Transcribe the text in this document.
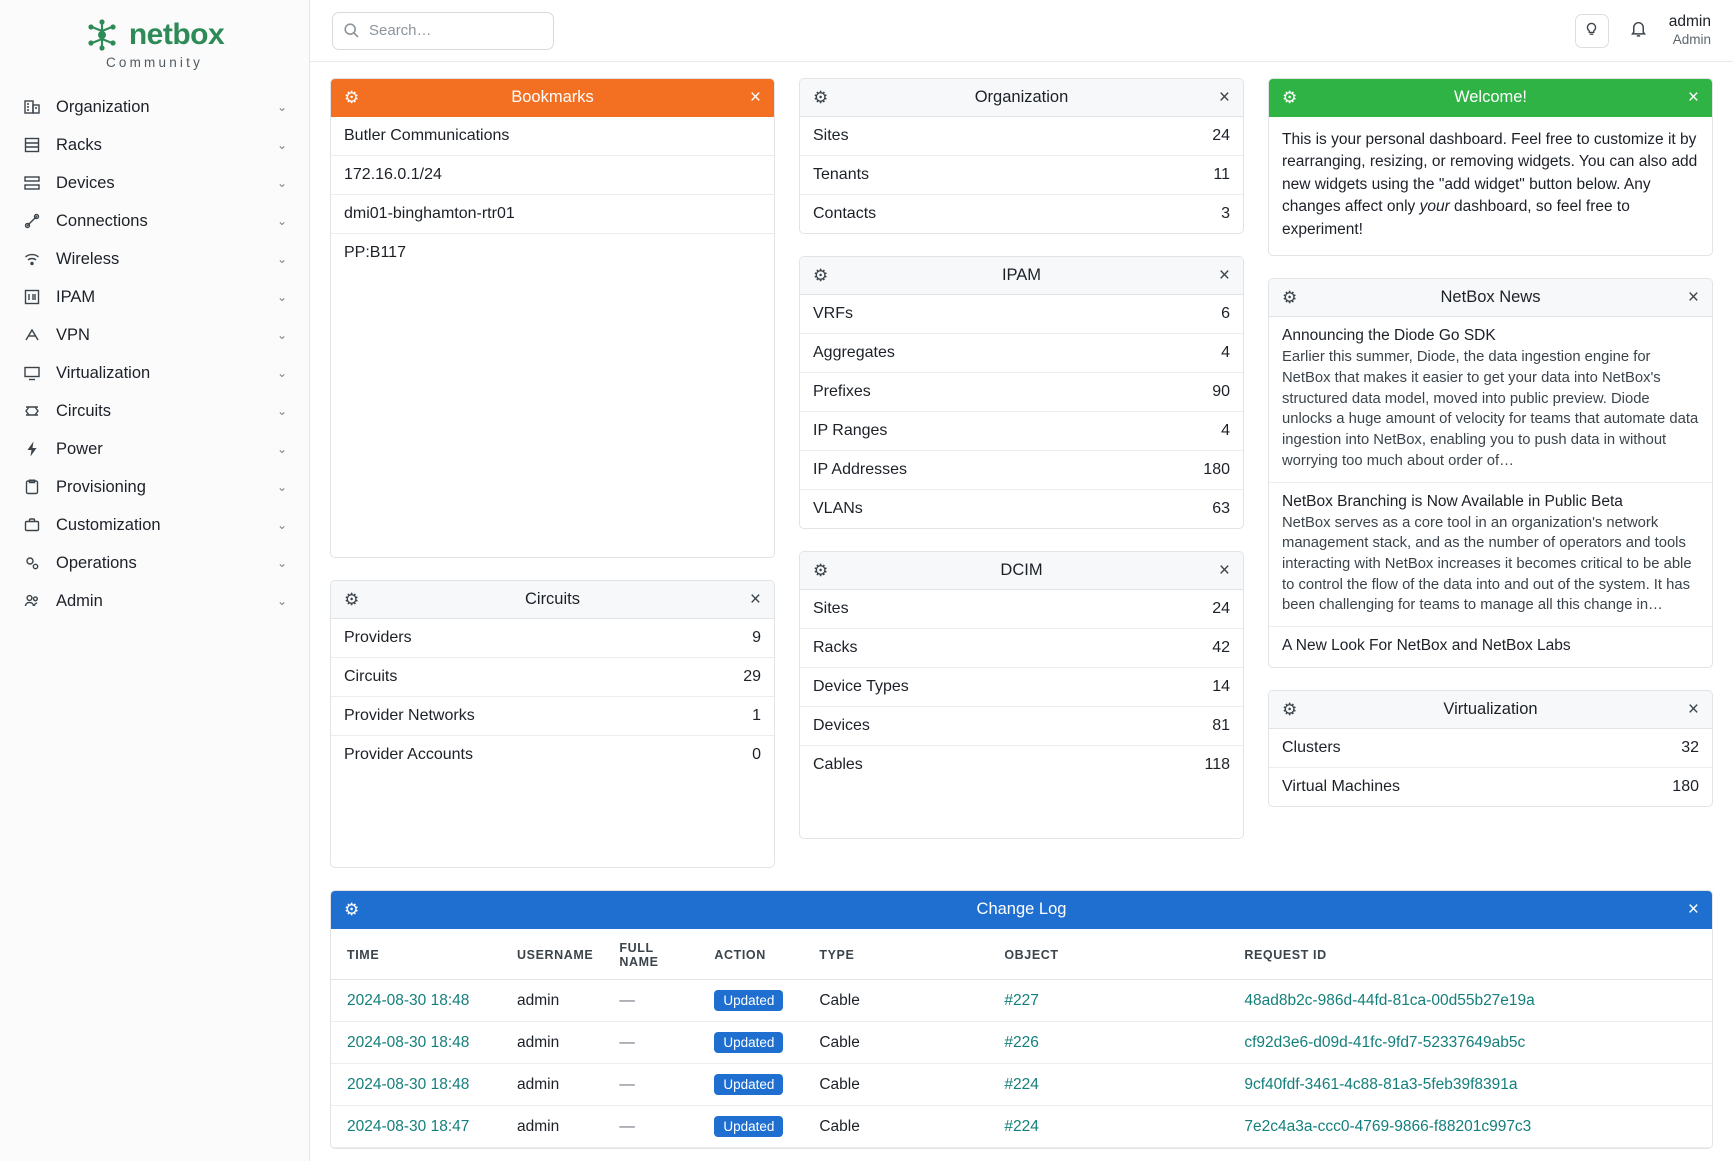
netbox
Community
Organization	⌄
Racks	⌄
Devices	⌄
Connections	⌄
Wireless	⌄
IPAM	⌄
VPN	⌄
Virtualization	⌄
Circuits	⌄
Power	⌄
Provisioning	⌄
Customization	⌄
Operations	⌄
Admin	⌄
Search…
admin
Admin
⚙	Bookmarks	×
Butler Communications
172.16.0.1/24
dmi01-binghamton-rtr01
PP:B117
⚙	Circuits	×
Providers	9
Circuits	29
Provider Networks	1
Provider Accounts	0
⚙	Organization	×
Sites	24
Tenants	11
Contacts	3
⚙	IPAM	×
VRFs	6
Aggregates	4
Prefixes	90
IP Ranges	4
IP Addresses	180
VLANs	63
⚙	DCIM	×
Sites	24
Racks	42
Device Types	14
Devices	81
Cables	118
⚙	Welcome!	×
This is your personal dashboard. Feel free to customize it by rearranging, resizing, or removing widgets. You can also add new widgets using the "add widget" button below. Any changes affect only your dashboard, so feel free to experiment!
⚙	NetBox News	×
Announcing the Diode Go SDK
Earlier this summer, Diode, the data ingestion engine for NetBox that makes it easier to get your data into NetBox's structured data model, moved into public preview. Diode unlocks a huge amount of velocity for teams that automate data ingestion into NetBox, enabling you to push data in without worrying too much about order of…
NetBox Branching is Now Available in Public Beta
NetBox serves as a core tool in an organization's network management stack, and as the number of operators and tools interacting with NetBox increases it becomes critical to be able to control the flow of the data into and out of the system. It has been challenging for teams to manage all this change in…
A New Look For NetBox and NetBox Labs
⚙	Virtualization	×
Clusters	32
Virtual Machines	180
⚙	Change Log	×
TIME	USERNAME	FULL NAME	ACTION	TYPE	OBJECT	REQUEST ID
2024-08-30 18:48	admin	—	Updated	Cable	#227	48ad8b2c-986d-44fd-81ca-00d55b27e19a
2024-08-30 18:48	admin	—	Updated	Cable	#226	cf92d3e6-d09d-41fc-9fd7-52337649ab5c
2024-08-30 18:48	admin	—	Updated	Cable	#224	9cf40fdf-3461-4c88-81a3-5feb39f8391a
2024-08-30 18:47	admin	—	Updated	Cable	#224	7e2c4a3a-ccc0-4769-9866-f88201c997c3
